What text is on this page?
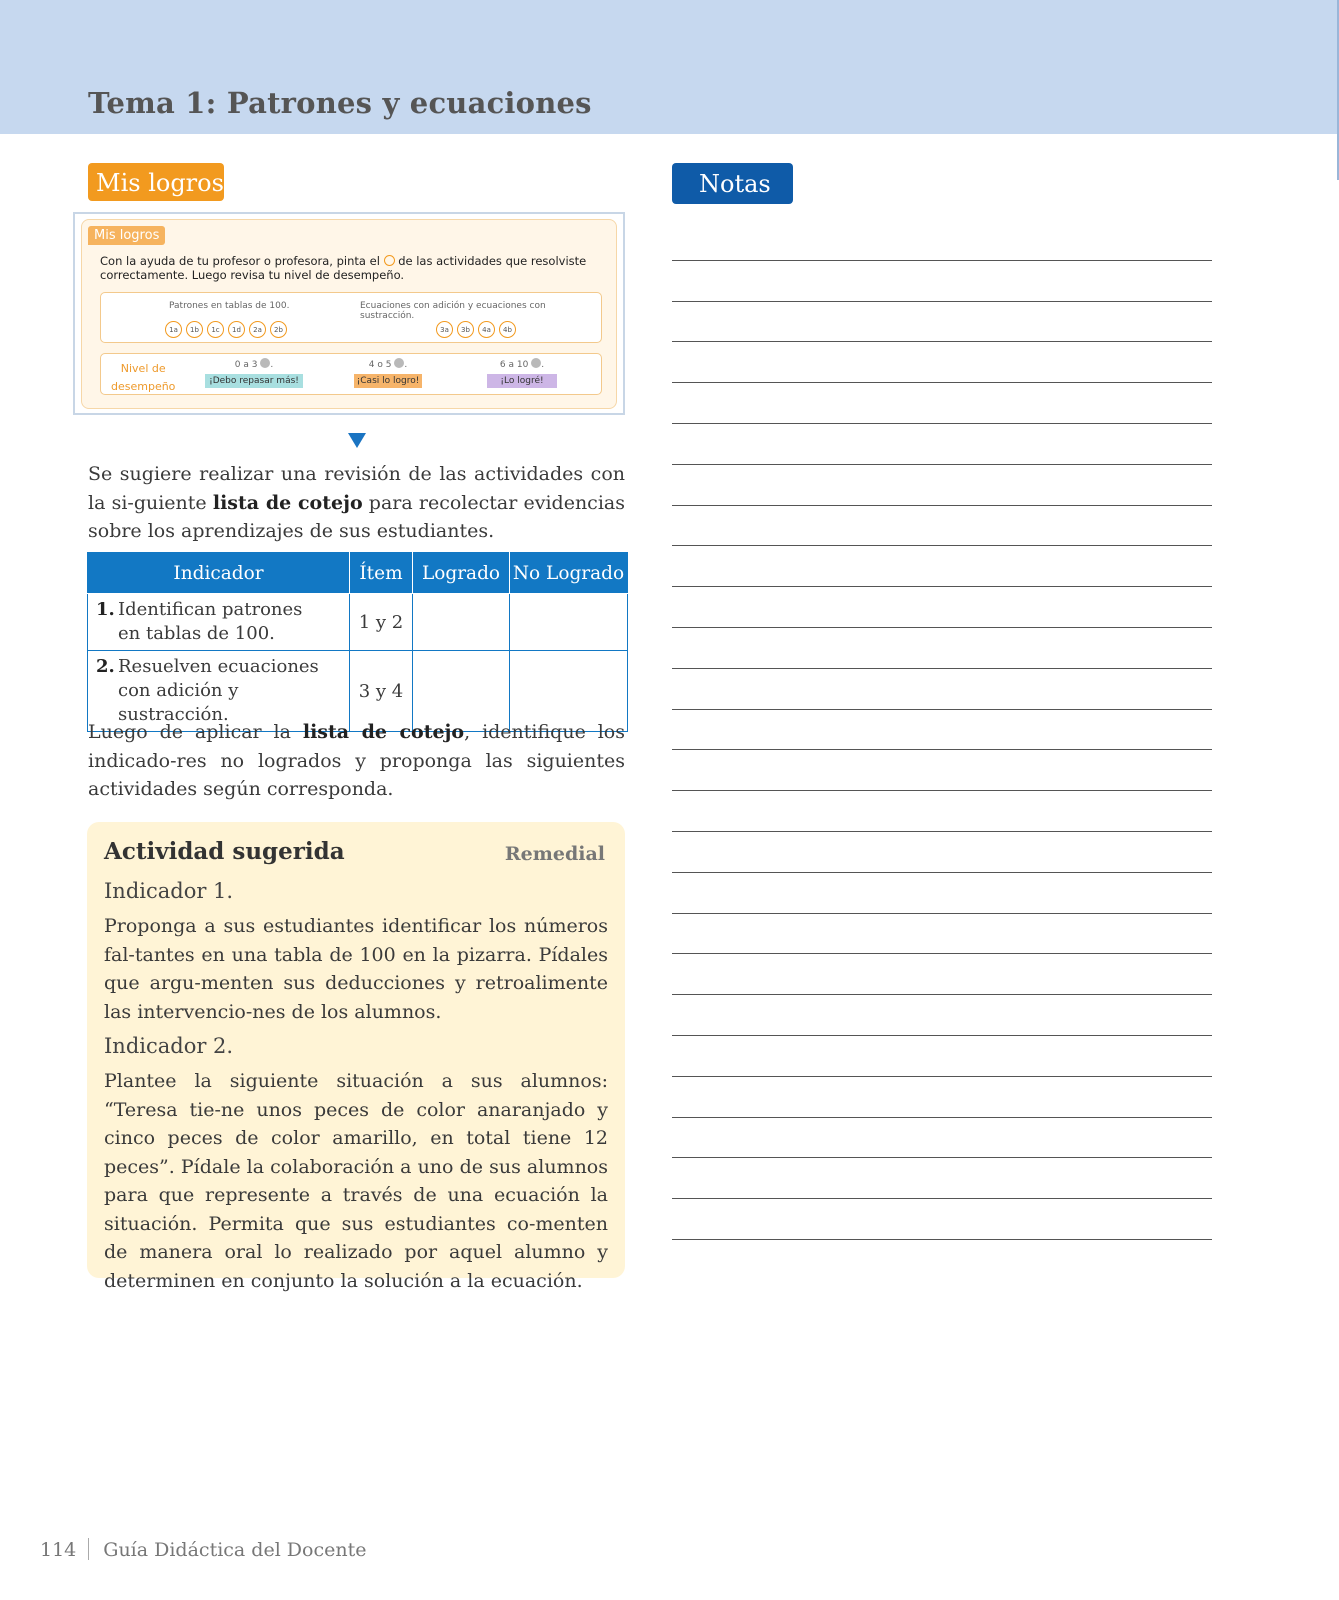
Tema 1: Patrones y ecuaciones
Mis logros	Notas
Mis logros
Con la ayuda de tu profesor o profesora, pinta el de las actividades que resolviste correctamente. Luego revisa tu nivel de desempeño.
Patrones en tablas de 100.	Ecuaciones con adición y ecuaciones con sustracción.
1a	1b	1c	1d	2a	2b	3a	3b	4a	4b
Nivel de
desempeño
0 a 3 .
¡Debo repasar más!
4 o 5 .
¡Casi lo logro!
6 a 10 .
¡Lo logré!

Se sugiere realizar una revisión de las actividades con la si-guiente lista de cotejo para recolectar evidencias sobre los aprendizajes de sus estudiantes.

Indicador	Ítem	Logrado	No Logrado
1. Identifican patrones
en tablas de 100.	1 y 2		
2. Resuelven ecuaciones
con adición y sustracción.	3 y 4		

Luego de aplicar la lista de cotejo, identifique los indicado-res no logrados y proponga las siguientes actividades según corresponda.

Actividad sugerida	Remedial
Indicador 1.

Proponga a sus estudiantes identificar los números fal-tantes en una tabla de 100 en la pizarra. Pídales que argu-menten sus deducciones y retroalimente las intervencio-nes de los alumnos.

Indicador 2.

Plantee la siguiente situación a sus alumnos: “Teresa tie-ne unos peces de color anaranjado y cinco peces de color amarillo, en total tiene 12 peces”. Pídale la colaboración a uno de sus alumnos para que represente a través de una ecuación la situación. Permita que sus estudiantes co-menten de manera oral lo realizado por aquel alumno y determinen en conjunto la solución a la ecuación.

114 Guía Didáctica del Docente
